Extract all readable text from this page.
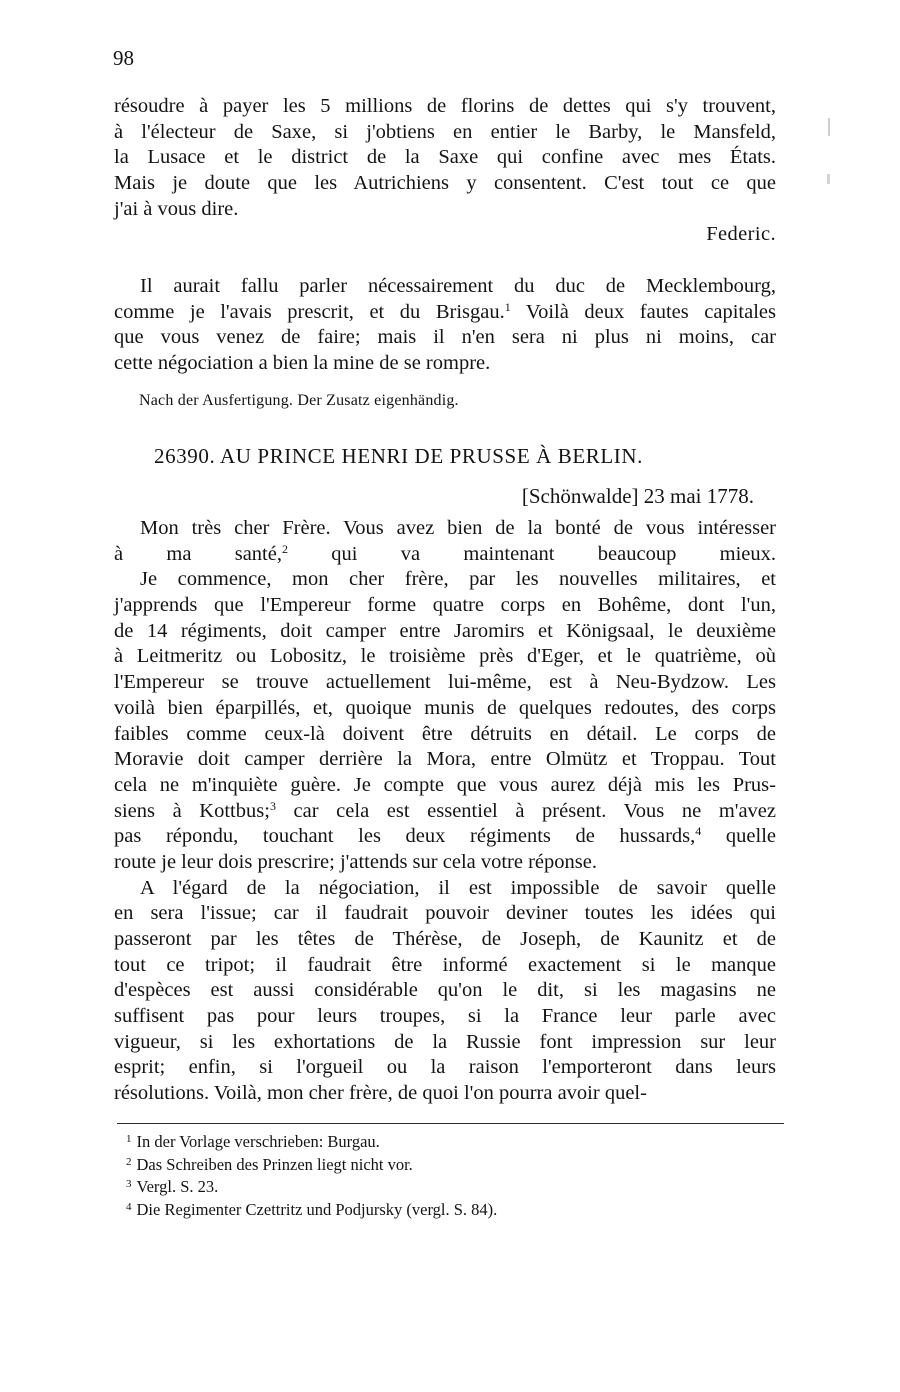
98
résoudre à payer les 5 millions de florins de dettes qui s'y trouvent,
à l'électeur de Saxe, si j'obtiens en entier le Barby, le Mansfeld,
la Lusace et le district de la Saxe qui confine avec mes États.
Mais je doute que les Autrichiens y consentent. C'est tout ce que
j'ai à vous dire.
Federic.
Il aurait fallu parler nécessairement du duc de Mecklembourg,
comme je l'avais prescrit, et du Brisgau.$^1$ Voilà deux fautes capitales
que vous venez de faire; mais il n'en sera ni plus ni moins, car
cette négociation a bien la mine de se rompre.
Nach der Ausfertigung. Der Zusatz eigenhändig.
26390. AU PRINCE HENRI DE PRUSSE À BERLIN.
[Schönwalde] 23 mai 1778.
Mon très cher Frère. Vous avez bien de la bonté de vous intéresser
à ma santé,$^2$ qui va maintenant beaucoup mieux.
Je commence, mon cher frère, par les nouvelles militaires, et
j'apprends que l'Empereur forme quatre corps en Bohême, dont l'un,
de 14 régiments, doit camper entre Jaromirs et Königsaal, le deuxième
à Leitmeritz ou Lobositz, le troisième près d'Eger, et le quatrième, où
l'Empereur se trouve actuellement lui-même, est à Neu-Bydzow. Les
voilà bien éparpillés, et, quoique munis de quelques redoutes, des corps
faibles comme ceux-là doivent être détruits en détail. Le corps de
Moravie doit camper derrière la Mora, entre Olmütz et Troppau. Tout
cela ne m'inquiète guère. Je compte que vous aurez déjà mis les Prus-
siens à Kottbus;$^3$ car cela est essentiel à présent. Vous ne m'avez
pas répondu, touchant les deux régiments de hussards,$^4$ quelle
route je leur dois prescrire; j'attends sur cela votre réponse.
A l'égard de la négociation, il est impossible de savoir quelle
en sera l'issue; car il faudrait pouvoir deviner toutes les idées qui
passeront par les têtes de Thérèse, de Joseph, de Kaunitz et de
tout ce tripot; il faudrait être informé exactement si le manque
d'espèces est aussi considérable qu'on le dit, si les magasins ne
suffisent pas pour leurs troupes, si la France leur parle avec
vigueur, si les exhortations de la Russie font impression sur leur
esprit; enfin, si l'orgueil ou la raison l'emporteront dans leurs
résolutions. Voilà, mon cher frère, de quoi l'on pourra avoir quel-
$^1$ In der Vorlage verschrieben: Burgau.
$^2$ Das Schreiben des Prinzen liegt nicht vor.
$^3$ Vergl. S. 23.
$^4$ Die Regimenter Czettritz und Podjursky (vergl. S. 84).
